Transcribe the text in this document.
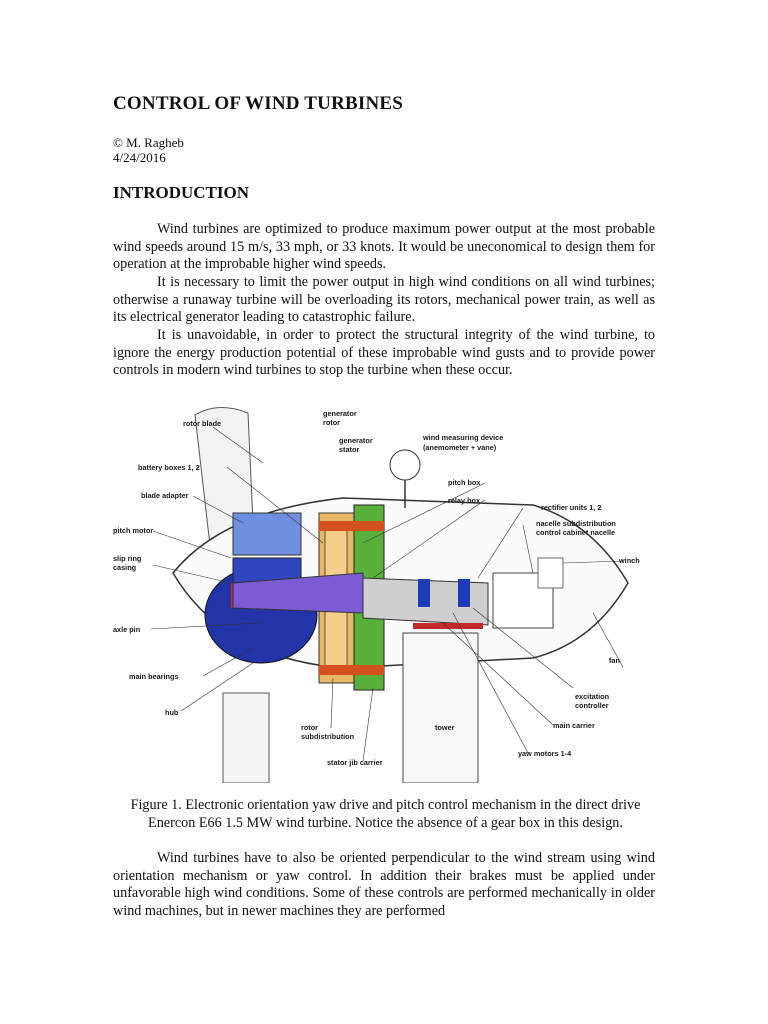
CONTROL OF WIND TURBINES
© M. Ragheb
4/24/2016
INTRODUCTION

Wind turbines are optimized to produce maximum power output at the most probable wind speeds around 15 m/s, 33 mph, or 33 knots. It would be uneconomical to design them for operation at the improbable higher wind speeds.

It is necessary to limit the power output in high wind conditions on all wind turbines; otherwise a runaway turbine will be overloading its rotors, mechanical power train, as well as its electrical generator leading to catastrophic failure.

It is unavoidable, in order to protect the structural integrity of the wind turbine, to ignore the energy production potential of these improbable wind gusts and to provide power controls in modern wind turbines to stop the turbine when these occur.

rotor blade
generator
rotor
generator
stator
wind measuring device
(anemometer + vane)
battery boxes 1, 2
pitch box
relay box
blade adapter
rectifier units 1, 2
nacelle subdistribution
control cabinet nacelle
pitch motor
winch
slip ring
casing
axle pin
main bearings
fan
hub
excitation
controller
main carrier
tower
rotor
subdistribution
yaw motors 1-4
stator jib carrier

Figure 1. Electronic orientation yaw drive and pitch control mechanism in the direct drive Enercon E66 1.5 MW wind turbine. Notice the absence of a gear box in this design.

Wind turbines have to also be oriented perpendicular to the wind stream using wind orientation mechanism or yaw control. In addition their brakes must be applied under unfavorable high wind conditions. Some of these controls are performed mechanically in older wind machines, but in newer machines they are performed
